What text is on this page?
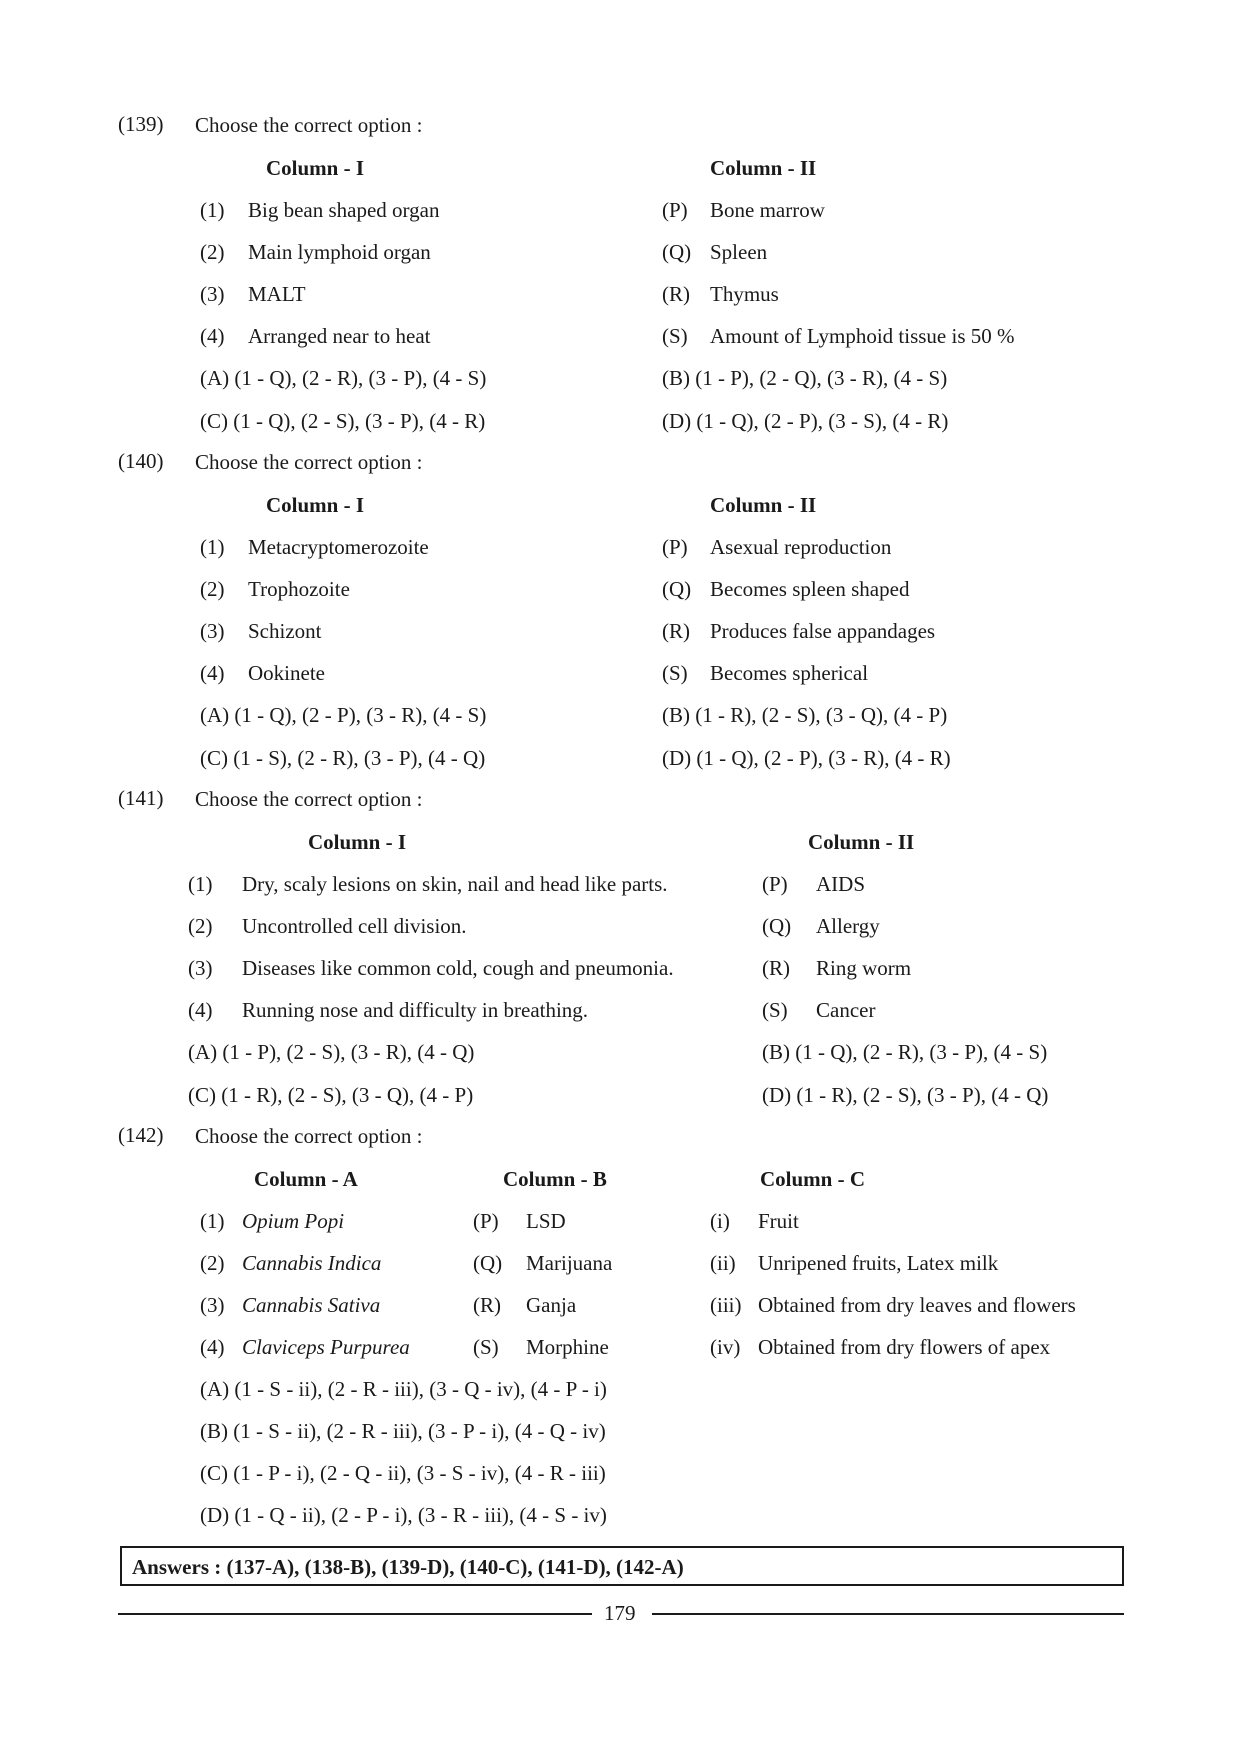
(139) Choose the correct option :
Column - I	Column - II
(1) Big bean shaped organ	(P) Bone marrow
(2) Main lymphoid organ	(Q) Spleen
(3) MALT	(R) Thymus
(4) Arranged near to heat	(S) Amount of Lymphoid tissue is 50 %
(A) (1 - Q), (2 - R), (3 - P), (4 - S)	(B) (1 - P), (2 - Q), (3 - R), (4 - S)
(C) (1 - Q), (2 - S), (3 - P), (4 - R)	(D) (1 - Q), (2 - P), (3 - S), (4 - R)
(140) Choose the correct option :
Column - I	Column - II
(1) Metacryptomerozoite	(P) Asexual reproduction
(2) Trophozoite	(Q) Becomes spleen shaped
(3) Schizont	(R) Produces false appandages
(4) Ookinete	(S) Becomes spherical
(A) (1 - Q), (2 - P), (3 - R), (4 - S)	(B) (1 - R), (2 - S), (3 - Q), (4 - P)
(C) (1 - S), (2 - R), (3 - P), (4 - Q)	(D) (1 - Q), (2 - P), (3 - R), (4 - R)
(141) Choose the correct option :
Column - I	Column - II
(1) Dry, scaly lesions on skin, nail and head like parts.	(P) AIDS
(2) Uncontrolled cell division.	(Q) Allergy
(3) Diseases like common cold, cough and pneumonia.	(R) Ring worm
(4) Running nose and difficulty in breathing.	(S) Cancer
(A) (1 - P), (2 - S), (3 - R), (4 - Q)	(B) (1 - Q), (2 - R), (3 - P), (4 - S)
(C) (1 - R), (2 - S), (3 - Q), (4 - P)	(D) (1 - R), (2 - S), (3 - P), (4 - Q)
(142) Choose the correct option :
Column - A	Column - B	Column - C
(1) Opium Popi	(P) LSD	(i) Fruit
(2) Cannabis Indica	(Q) Marijuana	(ii) Unripened fruits, Latex milk
(3) Cannabis Sativa	(R) Ganja	(iii) Obtained from dry leaves and flowers
(4) Claviceps Purpurea	(S) Morphine	(iv) Obtained from dry flowers of apex
(A) (1 - S - ii), (2 - R - iii), (3 - Q - iv), (4 - P - i)
(B) (1 - S - ii), (2 - R - iii), (3 - P - i), (4 - Q - iv)
(C) (1 - P - i), (2 - Q - ii), (3 - S - iv), (4 - R - iii)
(D) (1 - Q - ii), (2 - P - i), (3 - R - iii), (4 - S - iv)
Answers : (137-A), (138-B), (139-D), (140-C), (141-D), (142-A)
179
